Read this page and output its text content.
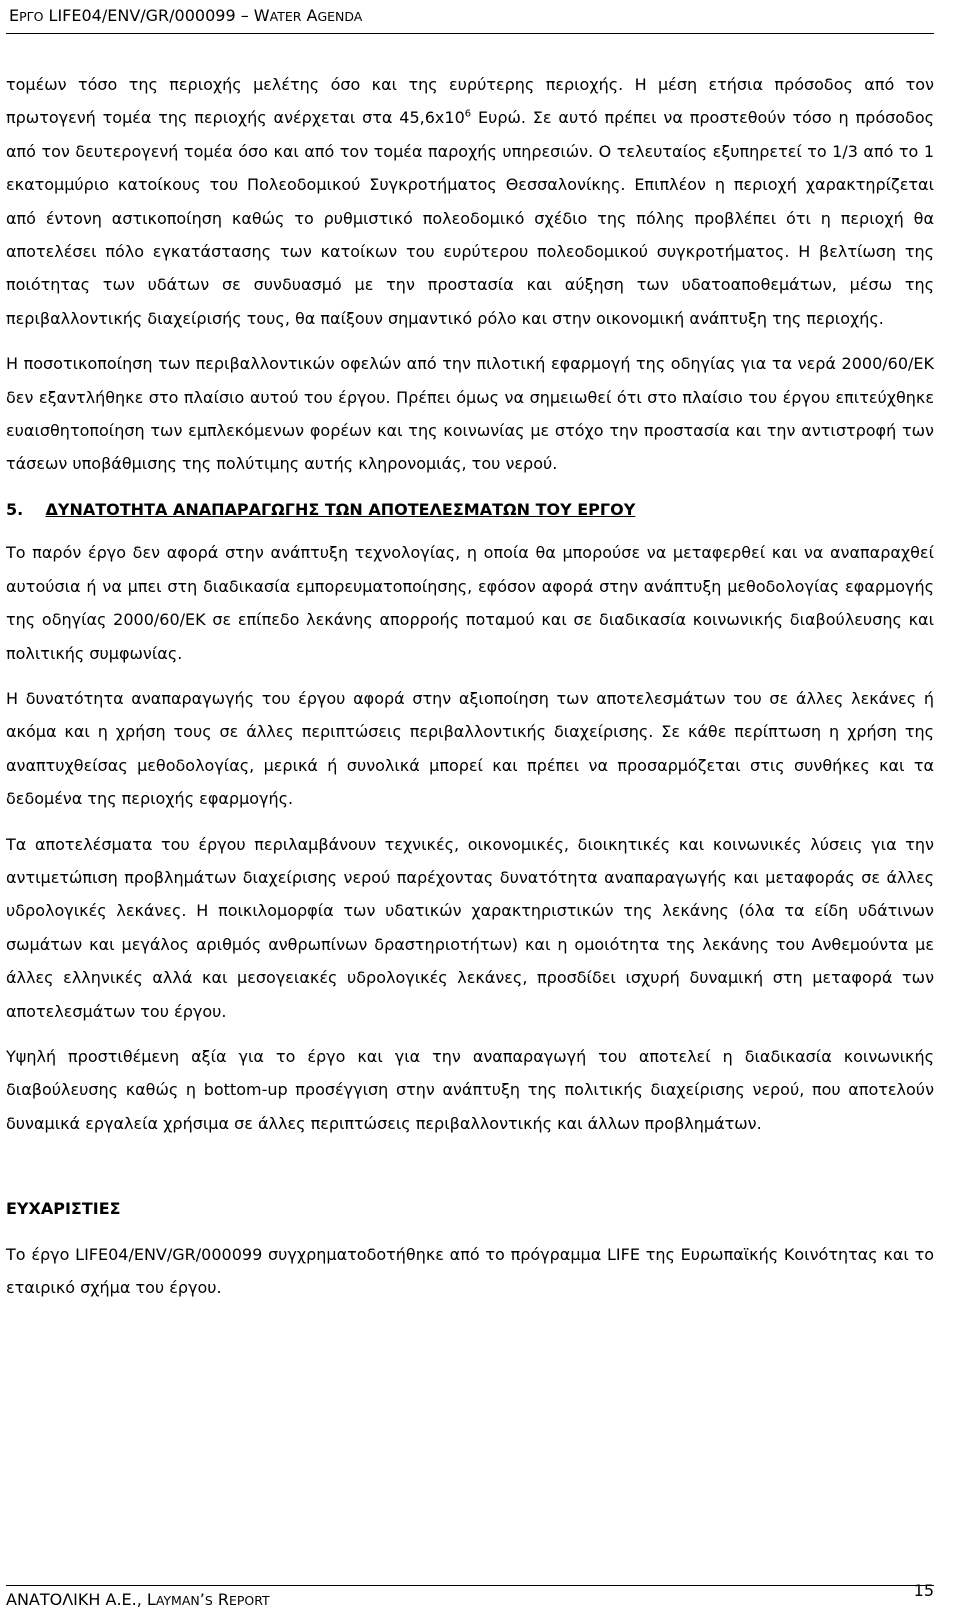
ΕΡΓΟ LIFE04/ENV/GR/000099 – WATER AGENDA

τομέων τόσο της περιοχής μελέτης όσο και της ευρύτερης περιοχής. Η μέση ετήσια πρόσοδος από τον πρωτογενή τομέα της περιοχής ανέρχεται στα $45,6x10^6$ Ευρώ. Σε αυτό πρέπει να προστεθούν τόσο η πρόσοδος από τον δευτερογενή τομέα όσο και από τον τομέα παροχής υπηρεσιών. Ο τελευταίος εξυπηρετεί το 1/3 από το 1 εκατομμύριο κατοίκους του Πολεοδομικού Συγκροτήματος Θεσσαλονίκης. Επιπλέον η περιοχή χαρακτηρίζεται από έντονη αστικοποίηση καθώς το ρυθμιστικό πολεοδομικό σχέδιο της πόλης προβλέπει ότι η περιοχή θα αποτελέσει πόλο εγκατάστασης των κατοίκων του ευρύτερου πολεοδομικού συγκροτήματος. Η βελτίωση της ποιότητας των υδάτων σε συνδυασμό με την προστασία και αύξηση των υδατοαποθεμάτων, μέσω της περιβαλλοντικής διαχείρισής τους, θα παίξουν σημαντικό ρόλο και στην οικονομική ανάπτυξη της περιοχής.

Η ποσοτικοποίηση των περιβαλλοντικών οφελών από την πιλοτική εφαρμογή της οδηγίας για τα νερά 2000/60/ΕΚ δεν εξαντλήθηκε στο πλαίσιο αυτού του έργου. Πρέπει όμως να σημειωθεί ότι στο πλαίσιο του έργου επιτεύχθηκε ευαισθητοποίηση των εμπλεκόμενων φορέων και της κοινωνίας με στόχο την προστασία και την αντιστροφή των τάσεων υποβάθμισης της πολύτιμης αυτής κληρονομιάς, του νερού.

5. ΔΥΝΑΤΟΤΗΤΑ ΑΝΑΠΑΡΑΓΩΓΗΣ ΤΩΝ ΑΠΟΤΕΛΕΣΜΑΤΩΝ ΤΟΥ ΕΡΓΟΥ

Το παρόν έργο δεν αφορά στην ανάπτυξη τεχνολογίας, η οποία θα μπορούσε να μεταφερθεί και να αναπαραχθεί αυτούσια ή να μπει στη διαδικασία εμπορευματοποίησης, εφόσον αφορά στην ανάπτυξη μεθοδολογίας εφαρμογής της οδηγίας 2000/60/ΕΚ σε επίπεδο λεκάνης απορροής ποταμού και σε διαδικασία κοινωνικής διαβούλευσης και πολιτικής συμφωνίας.

Η δυνατότητα αναπαραγωγής του έργου αφορά στην αξιοποίηση των αποτελεσμάτων του σε άλλες λεκάνες ή ακόμα και η χρήση τους σε άλλες περιπτώσεις περιβαλλοντικής διαχείρισης. Σε κάθε περίπτωση η χρήση της αναπτυχθείσας μεθοδολογίας, μερικά ή συνολικά μπορεί και πρέπει να προσαρμόζεται στις συνθήκες και τα δεδομένα της περιοχής εφαρμογής.

Τα αποτελέσματα του έργου περιλαμβάνουν τεχνικές, οικονομικές, διοικητικές και κοινωνικές λύσεις για την αντιμετώπιση προβλημάτων διαχείρισης νερού παρέχοντας δυνατότητα αναπαραγωγής και μεταφοράς σε άλλες υδρολογικές λεκάνες. Η ποικιλομορφία των υδατικών χαρακτηριστικών της λεκάνης (όλα τα είδη υδάτινων σωμάτων και μεγάλος αριθμός ανθρωπίνων δραστηριοτήτων) και η ομοιότητα της λεκάνης του Ανθεμούντα με άλλες ελληνικές αλλά και μεσογειακές υδρολογικές λεκάνες, προσδίδει ισχυρή δυναμική στη μεταφορά των αποτελεσμάτων του έργου.

Υψηλή προστιθέμενη αξία για το έργο και για την αναπαραγωγή του αποτελεί η διαδικασία κοινωνικής διαβούλευσης καθώς η bottom-up προσέγγιση στην ανάπτυξη της πολιτικής διαχείρισης νερού, που αποτελούν δυναμικά εργαλεία χρήσιμα σε άλλες περιπτώσεις περιβαλλοντικής και άλλων προβλημάτων.

ΕΥΧΑΡΙΣΤΙΕΣ

Το έργο LIFE04/ENV/GR/000099 συγχρηματοδοτήθηκε από το πρόγραμμα LIFE της Ευρωπαϊκής Κοινότητας και το εταιρικό σχήμα του έργου.

ΑΝΑΤΟΛΙΚΗ Α.Ε., LAYMAN’S REPORT
15
